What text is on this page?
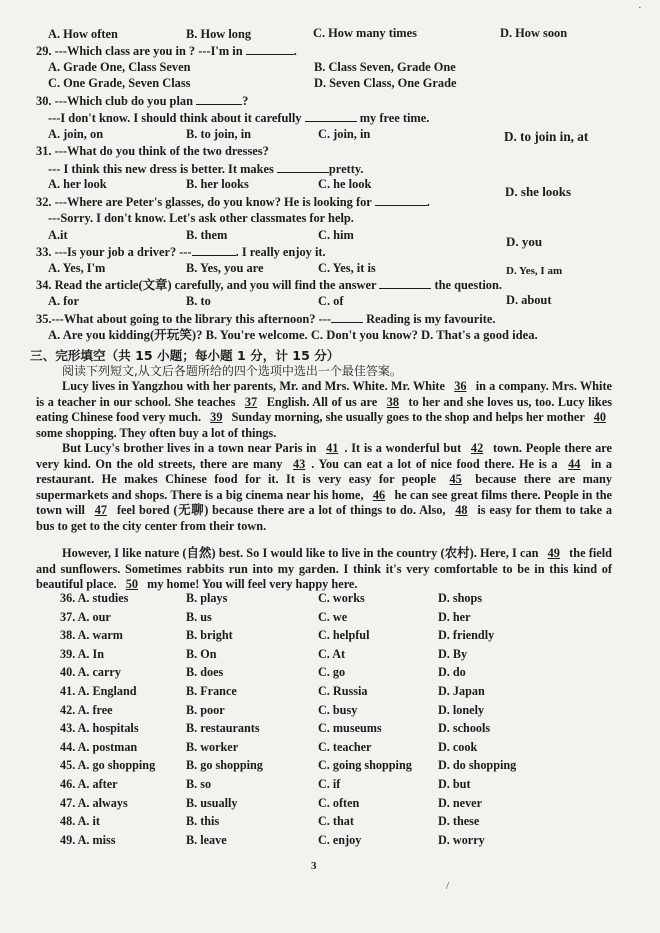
A. How often	B. How long	C. How many times	D. How soon
·
29. ---Which class are you in ? ---I'm in	.
A. Grade One, Class Seven	B. Class Seven, Grade One
C. One Grade, Seven Class	D. Seven Class, One Grade
30. ---Which club do you plan	?
---I don't know. I should think about it carefully	my free time.
A. join, on	B. to join, in	C. join, in	D. to join in, at
31. ---What do you think of the two dresses?
--- I think this new dress is better. It makes	pretty.
A. her look	B. her looks	C. he look	D. she looks
32. ---Where are Peter's glasses, do you know? He is looking for	.
---Sorry. I don't know. Let's ask other classmates for help.
A.it	B. them	C. him	D. you
33. ---Is your job a driver? ---	. I really enjoy it.
A. Yes, I'm	B. Yes, you are	C. Yes, it is	D. Yes, I am
34. Read the article(文章) carefully, and you will find the answer	the question.
A. for	B. to	C. of	D. about
35.---What about going to the library this afternoon? ---	Reading is my favourite.
A. Are you kidding(开玩笑)? B. You're welcome. C. Don't you know? D. That's a good idea.
三、完形填空（共 15 小题；每小题 1 分，计 15 分）
阅读下列短文,从文后各题所给的四个选项中选出一个最佳答案。
Lucy lives in Yangzhou with her parents, Mr. and Mrs. White. Mr. White 36 in a company. Mrs. White is a teacher in our school. She teaches 37 English. All of us are 38 to her and she loves us, too. Lucy likes eating Chinese food very much. 39 Sunday morning, she usually goes to the shop and helps her mother 40 some shopping. They often buy a lot of things.
But Lucy's brother lives in a town near Paris in 41 . It is a wonderful but 42 town. People there are very kind. On the old streets, there are many 43 . You can eat a lot of nice food there. He is a 44 in a restaurant. He makes Chinese food for it. It is very easy for people 45 because there are many supermarkets and shops. There is a big cinema near his home, 46 he can see great films there. People in the town will 47 feel bored (无聊) because there are a lot of things to do. Also, 48 is easy for them to take a bus to get to the city center from their town.
However, I like nature (自然) best. So I would like to live in the country (农村). Here, I can 49 the field and sunflowers. Sometimes rabbits run into my garden. I think it's very comfortable to be in this kind of beautiful place. 50 my home! You will feel very happy here.
36. A. studies	B. plays	C. works	D. shops
37. A. our	B. us	C. we	D. her
38. A. warm	B. bright	C. helpful	D. friendly
39. A. In	B. On	C. At	D. By
40. A. carry	B. does	C. go	D. do
41. A. England	B. France	C. Russia	D. Japan
42. A. free	B. poor	C. busy	D. lonely
43. A. hospitals	B. restaurants	C. museums	D. schools
44. A. postman	B. worker	C. teacher	D. cook
45. A. go shopping	B. go shopping	C. going shopping D. do shopping
46. A. after	B. so	C. if	D. but
47. A. always	B. usually	C. often	D. never
48. A. it	B. this	C. that	D. these
49. A. miss	B. leave	C. enjoy	D. worry
3
/
